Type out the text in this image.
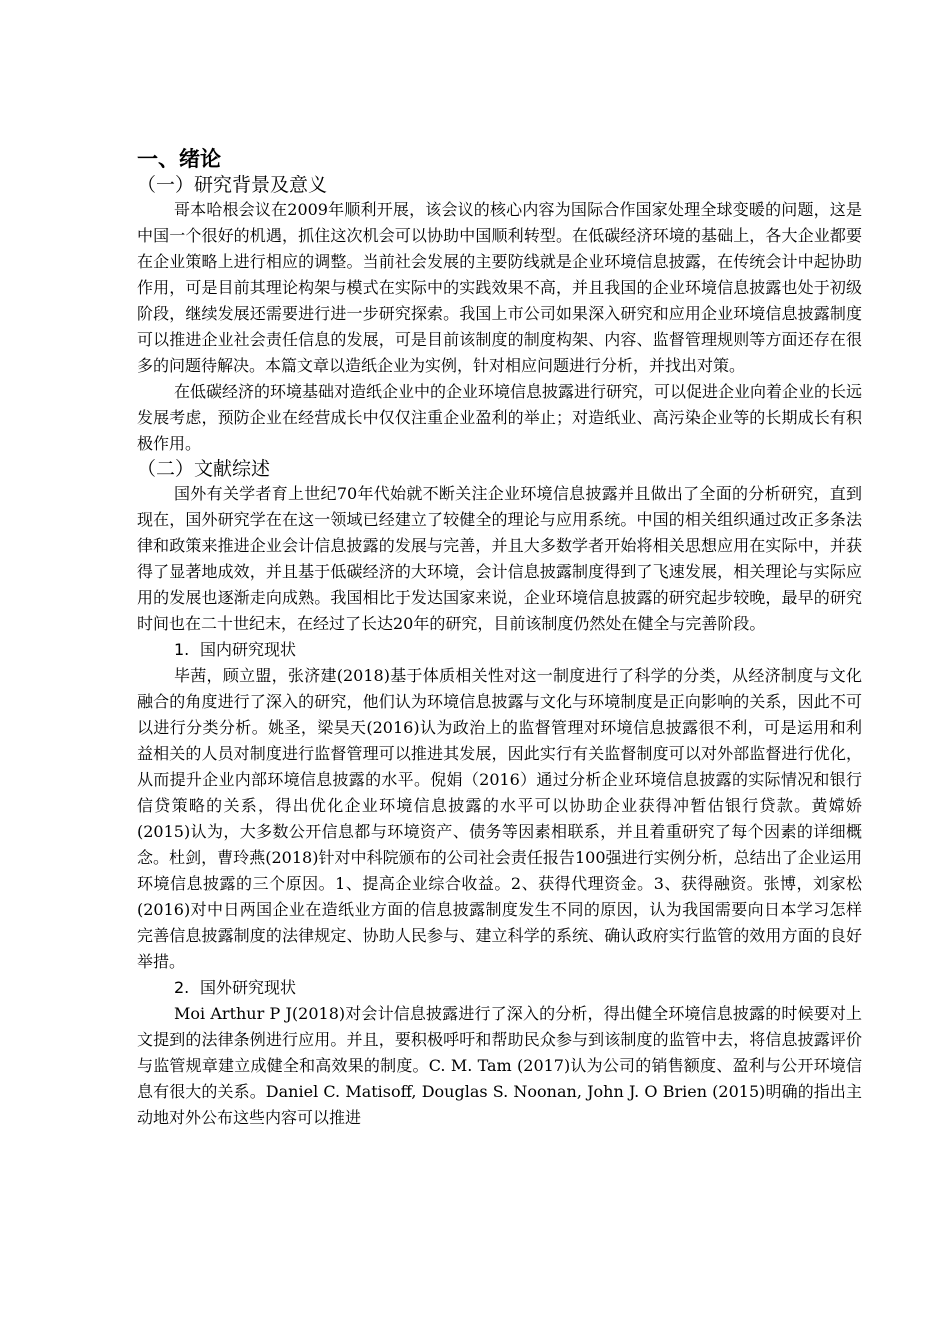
一、绪论
（一）研究背景及意义

哥本哈根会议在2009年顺利开展，该会议的核心内容为国际合作国家处理全球变暖的问题，这是中国一个很好的机遇，抓住这次机会可以协助中国顺利转型。在低碳经济环境的基础上，各大企业都要在企业策略上进行相应的调整。当前社会发展的主要防线就是企业环境信息披露，在传统会计中起协助作用，可是目前其理论构架与模式在实际中的实践效果不高，并且我国的企业环境信息披露也处于初级阶段，继续发展还需要进行进一步研究探索。我国上市公司如果深入研究和应用企业环境信息披露制度可以推进企业社会责任信息的发展，可是目前该制度的制度构架、内容、监督管理规则等方面还存在很多的问题待解决。本篇文章以造纸企业为实例，针对相应问题进行分析，并找出对策。

在低碳经济的环境基础对造纸企业中的企业环境信息披露进行研究，可以促进企业向着企业的长远发展考虑，预防企业在经营成长中仅仅注重企业盈利的举止；对造纸业、高污染企业等的长期成长有积极作用。

（二）文献综述

国外有关学者育上世纪70年代始就不断关注企业环境信息披露并且做出了全面的分析研究，直到现在，国外研究学在在这一领域已经建立了较健全的理论与应用系统。中国的相关组织通过改正多条法律和政策来推进企业会计信息披露的发展与完善，并且大多数学者开始将相关思想应用在实际中，并获得了显著地成效，并且基于低碳经济的大环境，会计信息披露制度得到了飞速发展，相关理论与实际应用的发展也逐渐走向成熟。我国相比于发达国家来说，企业环境信息披露的研究起步较晚，最早的研究时间也在二十世纪末，在经过了长达20年的研究，目前该制度仍然处在健全与完善阶段。

1. 国内研究现状

毕茜，顾立盟，张济建(2018)基于体质相关性对这一制度进行了科学的分类，从经济制度与文化融合的角度进行了深入的研究，他们认为环境信息披露与文化与环境制度是正向影响的关系，因此不可以进行分类分析。姚圣，梁昊天(2016)认为政治上的监督管理对环境信息披露很不利，可是运用和利益相关的人员对制度进行监督管理可以推进其发展，因此实行有关监督制度可以对外部监督进行优化，从而提升企业内部环境信息披露的水平。倪娟（2016）通过分析企业环境信息披露的实际情况和银行信贷策略的关系，得出优化企业环境信息披露的水平可以协助企业获得冲暂估银行贷款。黄嫦娇(2015)认为，大多数公开信息都与环境资产、债务等因素相联系，并且着重研究了每个因素的详细概念。杜剑，曹玲燕(2018)针对中科院颁布的公司社会责任报告100强进行实例分析，总结出了企业运用环境信息披露的三个原因。1、提高企业综合收益。2、获得代理资金。3、获得融资。张博，刘家松(2016)对中日两国企业在造纸业方面的信息披露制度发生不同的原因，认为我国需要向日本学习怎样完善信息披露制度的法律规定、协助人民参与、建立科学的系统、确认政府实行监管的效用方面的良好举措。

2. 国外研究现状

Moi Arthur P J(2018)对会计信息披露进行了深入的分析，得出健全环境信息披露的时候要对上文提到的法律条例进行应用。并且，要积极呼吁和帮助民众参与到该制度的监管中去，将信息披露评价与监管规章建立成健全和高效果的制度。C. M. Tam (2017)认为公司的销售额度、盈利与公开环境信息有很大的关系。Daniel C. Matisoff, Douglas S. Noonan, John J. O Brien (2015)明确的指出主动地对外公布这些内容可以推进
